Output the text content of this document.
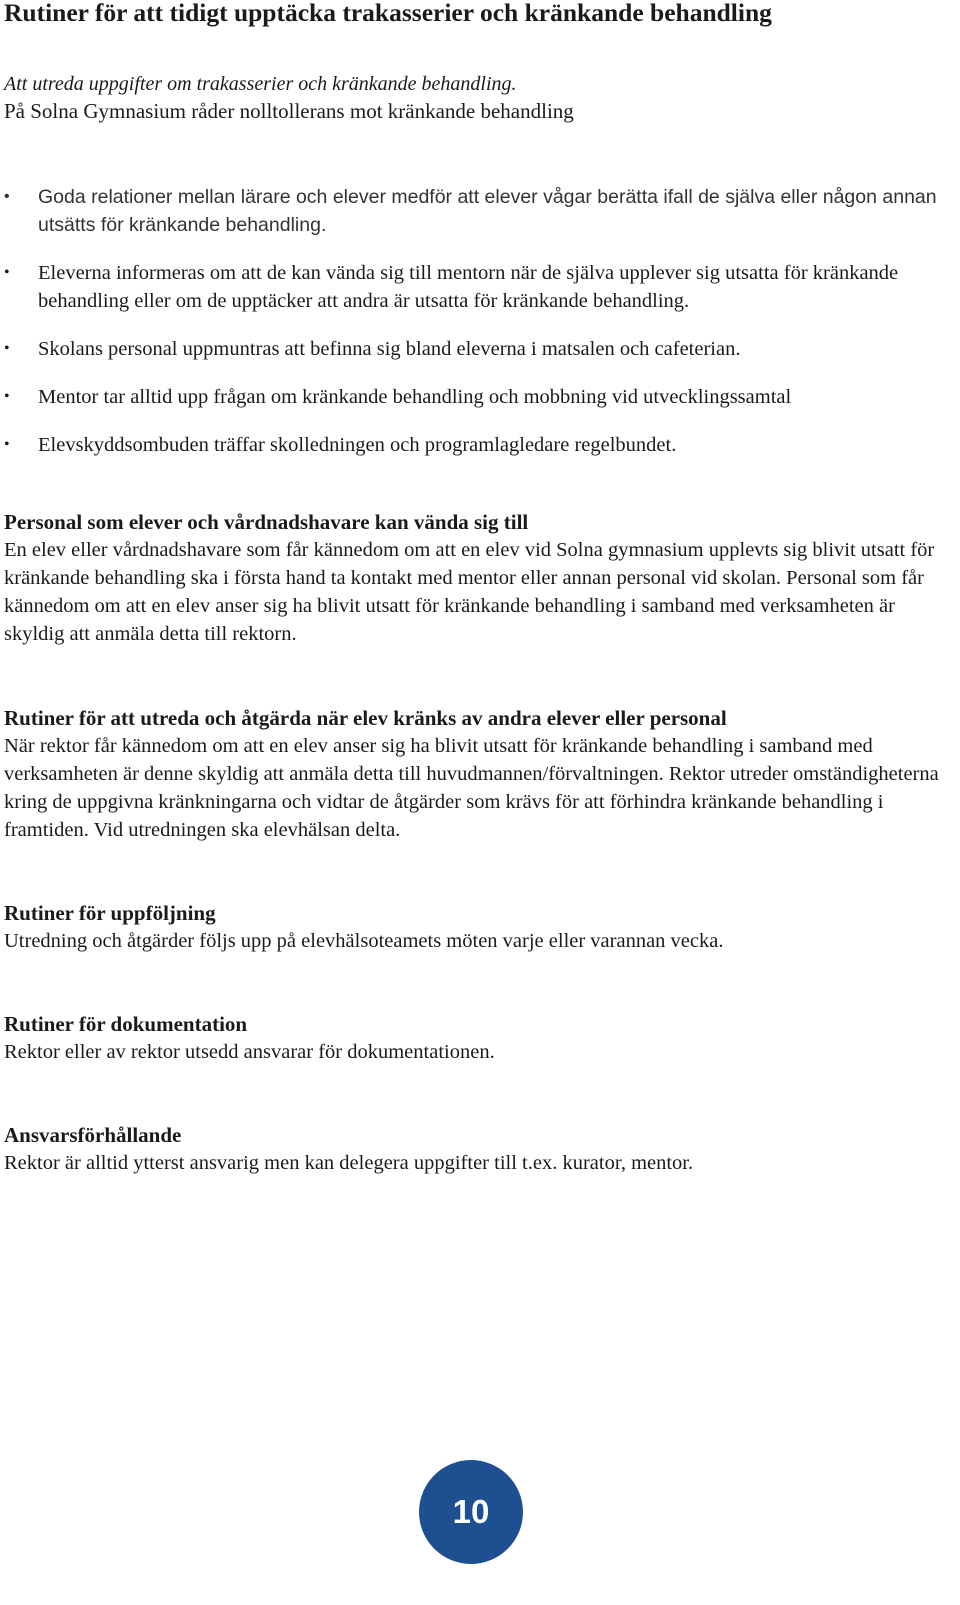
Rutiner för att tidigt upptäcka trakasserier och kränkande behandling
Att utreda uppgifter om trakasserier och kränkande behandling.
På Solna Gymnasium råder nolltollerans mot kränkande behandling
•	Goda relationer mellan lärare och elever medför att elever vågar berätta ifall de själva eller någon annan utsätts för kränkande behandling.
•	Eleverna informeras om att de kan vända sig till mentorn när de själva upplever sig utsatta för kränkande behandling eller om de upptäcker att andra är utsatta för kränkande behandling.
•	Skolans personal uppmuntras att befinna sig bland eleverna i matsalen och cafeterian.
•	Mentor tar alltid upp frågan om kränkande behandling och mobbning vid utvecklingssamtal
•	Elevskyddsombuden träffar skolledningen och programlagledare regelbundet.
Personal som elever och vårdnadshavare kan vända sig till

En elev eller vårdnadshavare som får kännedom om att en elev vid Solna gymnasium upplevts sig blivit utsatt för kränkande behandling ska i första hand ta kontakt med mentor eller annan personal vid skolan. Personal som får kännedom om att en elev anser sig ha blivit utsatt för kränkande behandling i samband med verksamheten är skyldig att anmäla detta till rektorn.

Rutiner för att utreda och åtgärda när elev kränks av andra elever eller personal

När rektor får kännedom om att en elev anser sig ha blivit utsatt för kränkande behandling i samband med verksamheten är denne skyldig att anmäla detta till huvudmannen/förvaltningen. Rektor utreder omständigheterna kring de uppgivna kränkningarna och vidtar de åtgärder som krävs för att förhindra kränkande behandling i framtiden. Vid utredningen ska elevhälsan delta.

Rutiner för uppföljning

Utredning och åtgärder följs upp på elevhälsoteamets möten varje eller varannan vecka.

Rutiner för dokumentation

Rektor eller av rektor utsedd ansvarar för dokumentationen.

Ansvarsförhållande

Rektor är alltid ytterst ansvarig men kan delegera uppgifter till t.ex. kurator, mentor.

10
